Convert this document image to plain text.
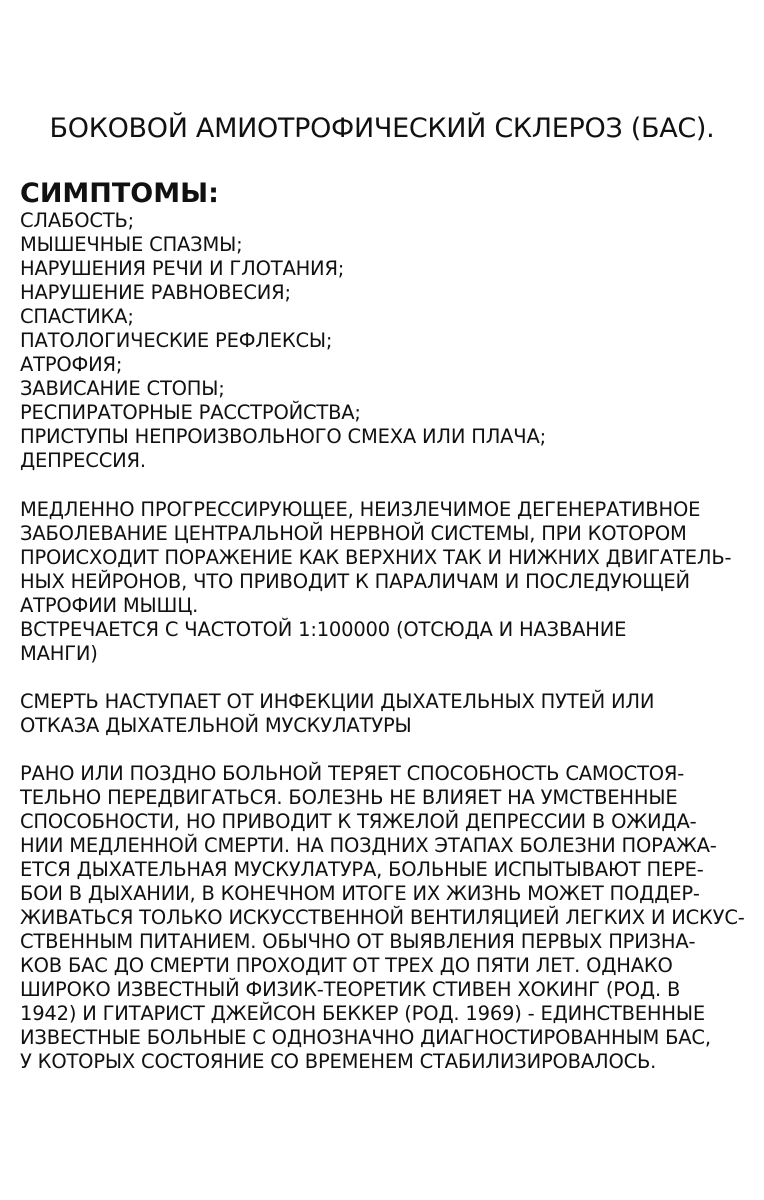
БОКОВОЙ АМИОТРОФИЧЕСКИЙ СКЛЕРОЗ (БАС).
СИМПТОМЫ:
СЛАБОСТЬ;
МЫШЕЧНЫЕ СПАЗМЫ;
НАРУШЕНИЯ РЕЧИ И ГЛОТАНИЯ;
НАРУШЕНИЕ РАВНОВЕСИЯ;
СПАСТИКА;
ПАТОЛОГИЧЕСКИЕ РЕФЛЕКСЫ;
АТРОФИЯ;
ЗАВИСАНИЕ СТОПЫ;
РЕСПИРАТОРНЫЕ РАССТРОЙСТВА;
ПРИСТУПЫ НЕПРОИЗВОЛЬНОГО СМЕХА ИЛИ ПЛАЧА;
ДЕПРЕССИЯ.

МЕДЛЕННО ПРОГРЕССИРУЮЩЕЕ, НЕИЗЛЕЧИМОЕ ДЕГЕНЕРАТИВНОЕ
ЗАБОЛЕВАНИЕ ЦЕНТРАЛЬНОЙ НЕРВНОЙ СИСТЕМЫ, ПРИ КОТОРОМ
ПРОИСХОДИТ ПОРАЖЕНИЕ КАК ВЕРХНИХ ТАК И НИЖНИХ ДВИГАТЕЛЬ-
НЫХ НЕЙРОНОВ, ЧТО ПРИВОДИТ К ПАРАЛИЧАМ И ПОСЛЕДУЮЩЕЙ
АТРОФИИ МЫШЦ.

ВСТРЕЧАЕТСЯ С ЧАСТОТОЙ 1:100000 (ОТСЮДА И НАЗВАНИЕ
МАНГИ)

СМЕРТЬ НАСТУПАЕТ ОТ ИНФЕКЦИИ ДЫХАТЕЛЬНЫХ ПУТЕЙ ИЛИ
ОТКАЗА ДЫХАТЕЛЬНОЙ МУСКУЛАТУРЫ

РАНО ИЛИ ПОЗДНО БОЛЬНОЙ ТЕРЯЕТ СПОСОБНОСТЬ САМОСТОЯ-
ТЕЛЬНО ПЕРЕДВИГАТЬСЯ. БОЛЕЗНЬ НЕ ВЛИЯЕТ НА УМСТВЕННЫЕ
СПОСОБНОСТИ, НО ПРИВОДИТ К ТЯЖЕЛОЙ ДЕПРЕССИИ В ОЖИДА-
НИИ МЕДЛЕННОЙ СМЕРТИ. НА ПОЗДНИХ ЭТАПАХ БОЛЕЗНИ ПОРАЖА-
ЕТСЯ ДЫХАТЕЛЬНАЯ МУСКУЛАТУРА, БОЛЬНЫЕ ИСПЫТЫВАЮТ ПЕРЕ-
БОИ В ДЫХАНИИ, В КОНЕЧНОМ ИТОГЕ ИХ ЖИЗНЬ МОЖЕТ ПОДДЕР-
ЖИВАТЬСЯ ТОЛЬКО ИСКУССТВЕННОЙ ВЕНТИЛЯЦИЕЙ ЛЕГКИХ И ИСКУС-
СТВЕННЫМ ПИТАНИЕМ. ОБЫЧНО ОТ ВЫЯВЛЕНИЯ ПЕРВЫХ ПРИЗНА-
КОВ БАС ДО СМЕРТИ ПРОХОДИТ ОТ ТРЕХ ДО ПЯТИ ЛЕТ. ОДНАКО
ШИРОКО ИЗВЕСТНЫЙ ФИЗИК-ТЕОРЕТИК СТИВЕН ХОКИНГ (РОД. В
1942) И ГИТАРИСТ ДЖЕЙСОН БЕККЕР (РОД. 1969) - ЕДИНСТВЕННЫЕ
ИЗВЕСТНЫЕ БОЛЬНЫЕ С ОДНОЗНАЧНО ДИАГНОСТИРОВАННЫМ БАС,
У КОТОРЫХ СОСТОЯНИЕ СО ВРЕМЕНЕМ СТАБИЛИЗИРОВАЛОСЬ.
